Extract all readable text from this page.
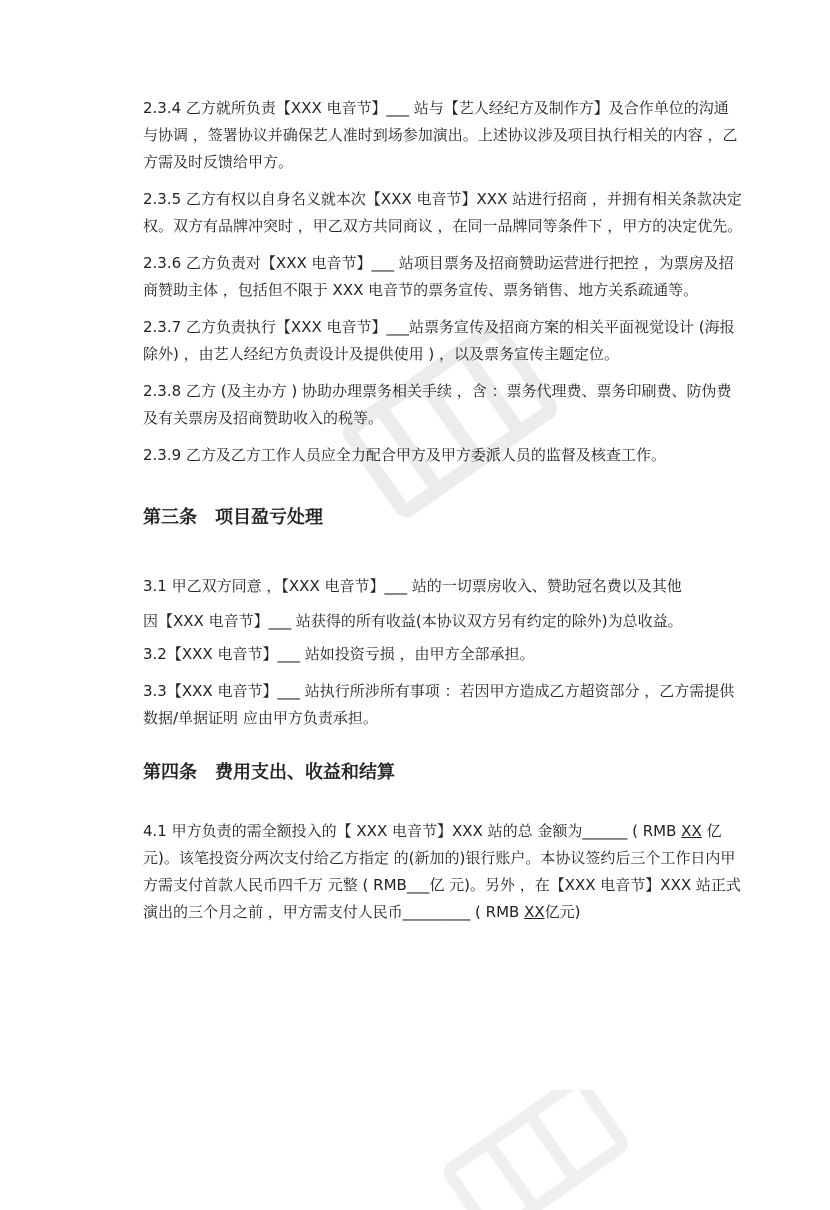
2.3.4 乙方就所负责【XXX 电音节】___ 站与【艺人经纪方及制作方】及合作单位的沟通与协调 ，签署协议并确保艺人准时到场参加演出。上述协议涉及项目执行相关的内容 ，乙方需及时反馈给甲方。

2.3.5 乙方有权以自身名义就本次【XXX 电音节】XXX 站进行招商 ，并拥有相关条款决定权。双方有品牌冲突时 ，甲乙双方共同商议 ，在同一品牌同等条件下 ，甲方的决定优先。

2.3.6 乙方负责对【XXX 电音节】___ 站项目票务及招商赞助运营进行把控 ，为票房及招商赞助主体 ，包括但不限于 XXX 电音节的票务宣传、票务销售、地方关系疏通等。

2.3.7 乙方负责执行【XXX 电音节】___站票务宣传及招商方案的相关平面视觉设计 (海报除外) ，由艺人经纪方负责设计及提供使用 ) ，以及票务宣传主题定位。

2.3.8 乙方 (及主办方 ) 协助办理票务相关手续 ，含 ：票务代理费、票务印刷费、防伪费及有关票房及招商赞助收入的税等。

2.3.9 乙方及乙方工作人员应全力配合甲方及甲方委派人员的监督及核查工作。

第三条　项目盈亏处理

3.1 甲乙双方同意 ，【XXX 电音节】___ 站的一切票房收入、赞助冠名费以及其他
因【XXX 电音节】___ 站获得的所有收益(本协议双方另有约定的除外)为总收益。

3.2【XXX 电音节】___ 站如投资亏损 ，由甲方全部承担。

3.3【XXX 电音节】___ 站执行所涉所有事项 ：若因甲方造成乙方超资部分 ，乙方需提供数据/单据证明 应由甲方负责承担。

第四条　费用支出、收益和结算

4.1 甲方负责的需全额投入的【 XXX 电音节】XXX 站的总 金额为______ ( RMB XX 亿元)。该笔投资分两次支付给乙方指定 的(新加的)银行账户。本协议签约后三个工作日内甲方需支付首款人民币四千万 元整 ( RMB___亿 元)。另外 ，在【XXX 电音节】XXX 站正式演出的三个月之前 ，甲方需支付人民币_________ ( RMB XX亿元)
